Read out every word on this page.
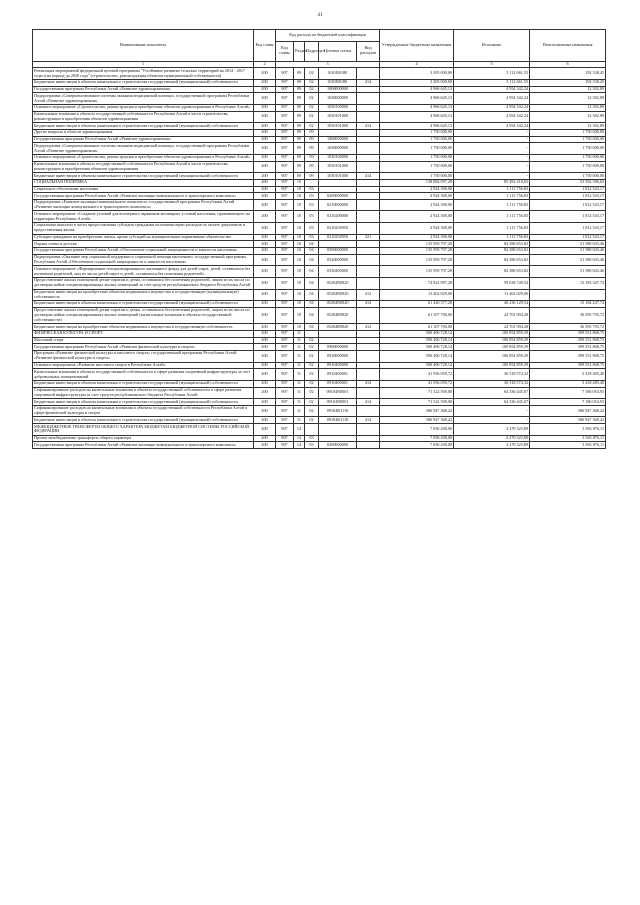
41
Наименование показателя	Код главы	Код расхода по бюджетной классификации					Утвержденные бюджетные назначения	Исполнено	Неисполненные назначения
		Код главы	Раздел	Подраздел	Целевая статья	Вид расходов			
1	2	3					4	5	6
Реализация мероприятий федеральной целевой программы "Устойчивое развитие сельских территорий на 2014 - 2017 годы и на период до 2020 года" (строительство, реконструкция объектов муниципальной собственности)	200	907	09	02	0101R0180		3 305 000,00	3 112 661,55	192 338,45
Бюджетные инвестиции в объекты капитального строительства государственной (муниципальной) собственности	200	907	09	02	0101R0180	414	3 305 000,00	3 112 661,55	192 338,45
Государственная программа Республики Алтай «Развитие здравоохранения»	200	907	09	02	1000000000		4 966 645,13	4 954 342,24	12 302,89
Подпрограмма «Совершенствование системы оказания медицинской помощи» государственной программы Республики Алтай «Развитие здравоохранения»	200	907	09	02	1030000000		4 966 645,13	4 954 342,24	12 302,89
Основное мероприятие «Строительство, реконструкция и приобретение объектов здравоохранения в Республике Алтай»	200	907	09	02	1030100000		4 966 645,13	4 954 342,24	12 302,89
Капитальные вложения в объекты государственной собственности Республики Алтай в части строительства, реконструкции и приобретения объектов здравоохранения	200	907	09	02	1030101000		4 966 645,13	4 954 342,24	12 302,89
Бюджетные инвестиции в объекты капитального строительства государственной (муниципальной) собственности	200	907	09	02	1030101000	414	4 966 645,13	4 954 342,24	12 302,89
Другие вопросы в области здравоохранения	200	907	09	09			1 750 000,00	-	1 750 000,00
Государственная программа Республики Алтай «Развитие здравоохранения»	200	907	09	09	1000000000		1 750 000,00	-	1 750 000,00
Подпрограмма «Совершенствование системы оказания медицинской помощи» государственной программы Республики Алтай «Развитие здравоохранения»	200	907	09	09	1030000000		1 750 000,00	-	1 750 000,00
Основное мероприятие «Строительство, реконструкция и приобретение объектов здравоохранения в Республике Алтай»	200	907	09	09	1030100000		1 750 000,00	-	1 750 000,00
Капитальные вложения в объекты государственной собственности Республики Алтай в части строительства, реконструкции и приобретения объектов здравоохранения	200	907	09	09	1030101000		1 750 000,00	-	1 750 000,00
Бюджетные инвестиции в объекты капитального строительства государственной (муниципальной) собственности	200	907	09	09	1030101000	414	1 750 000,00	-	1 750 000,00
СОЦИАЛЬНАЯ ПОЛИТИКА	200	907	10				138 884 097,28	85 492 410,65	53 392 586,63
Социальное обеспечение населения	200	907	10	03			2 924 300,00	1 111 756,83	1 812 543,17
Государственная программа Республики Алтай «Развитие жилищно-коммунального и транспортного комплекса»	200	907	10	03	0200000000		2 924 300,00	1 111 756,83	1 812 543,17
Подпрограмма «Развитие жилищно-коммунального комплекса» государственной программы Республики Алтай «Развитие жилищно-коммунального и транспортного комплекса»	200	907	10	03	0210000000		2 924 300,00	1 111 756,83	1 812 543,17
Основное мероприятие «Создание условий для всемерного заряжения жилищных условий населения, проживающего на территории Республики Алтай»	200	907	10	03	0210200000		2 924 300,00	1 111 756,83	1 812 543,17
Социальные выплаты в части предоставления субсидии гражданам на компенсацию расходов по оплате документов и предоставления жилья	200	907	10	03	0210250950		2 924 300,00	1 111 756,83	1 812 543,17
Субсидии гражданам на приобретение жилья, кроме субсидий на муниципальные нормативные обязательства	200	907	10	03	0210250950	321	2 924 300,00	1 111 756,83	1 812 543,17
Охрана семьи и детства	200	907	10	04			135 959 797,28	84 380 653,82	51 580 043,46
Государственная программа Республики Алтай «Обеспечение социальной защищенности и занятости населения»	200	907	10	04	0500000000		135 959 797,28	84 380 653,82	51 580 043,46
Подпрограмма «Оказание мер социальной поддержки и социальной помощи населению» государственной программы Республики Алтай «Обеспечение социальной защищенности и занятости населения»	200	907	10	04	0520000000		135 959 797,28	84 380 653,82	51 580 043,46
Основное мероприятие «Формирование специализированного жилищного фонда для детей-сирот, детей, оставшихся без попечения родителей, лиц из числа детей-сирот и детей, оставшихся без попечения родителей»	200	907	10	04	0520400000		135 959 797,28	84 380 653,82	51 580 043,46
Предоставление жилых помещений детям-сиротам и детям, оставшимся без попечения родителей, лицам из их числа по договорам найма специализированных жилых помещений за счет средств республиканского бюджета Республики Алтай	200	907	10	04	05204N0820		74 822 097,28	59 638 749,54	15 183 347,74
Бюджетные инвестиции на приобретение объектов недвижимого имущества в государственную (муниципальную) собственность	200	907	10	04	05204N0820	412	13 402 029,00	13 402 029,00	-
Бюджетные инвестиции в объекты капитального строительства государственной (муниципальной) собственности	200	907	10	04	05204N0820	414	61 420 377,28	46 236 129,54	15 184 247,74
Предоставление жилых помещений детям-сиротам и детям, оставшимся без попечения родителей, лицам из их числа по договорам найма специализированных жилых помещений (капитальные вложения в объекты государственной собственности)	200	907	10	04	05204R0820		61 107 700,00	24 701 904,28	36 395 795,72
Бюджетные инвестиции на приобретение объектов недвижимого имущества в государственную собственность	200	907	10	04	05204R0820	412	61 107 700,00	24 701 904,28	36 395 795,72
ФИЗИЧЕСКАЯ КУЛЬТУРА И СПОРТ	200	907	11				500 406 728,14	100 854 859,39	399 551 868,75
Массовый спорт	200	907	11	02			500 406 728,14	100 854 859,39	399 551 868,75
Государственная программа Республики Алтай «Развитие физической культуры и спорта»	200	907	11	02	0900000000		500 406 728,14	100 854 859,39	399 551 868,75
Программа «Развитие физической культуры и массового спорта» государственной программы Республики Алтай «Развитие физической культуры и спорта»	200	907	11	02	0910000000		500 406 728,14	100 854 859,39	399 551 868,75
Основное мероприятие «Развитие массового спорта в Республике Алтай»	200	907	11	02	0910400000		500 406 728,14	100 854 859,39	399 551 868,75
Капитальные вложения в объекты государственной собственности в сфере развития спортивной инфраструктуры за счет добровольных пожертвований	200	907	11	02	0910400001		41 936 059,72	36 518 574,32	5 418 485,40
Бюджетные инвестиции в объекты капитального строительства государственной (муниципальной) собственности	200	907	11	02	0910400001	414	41 936 059,72	36 518 574,32	5 418 485,40
Софинансирование расходов на капитальные вложения в объекты государственной собственности в сфере развития спортивной инфраструктуры за счет средств республиканского бюджета Республики Алтай	200	907	11	02	09104N0001		71 522 500,00	64 336 445,07	7 186 054,93
Бюджетные инвестиции в объекты капитального строительства государственной (муниципальной) собственности	200	907	11	02	09104N0001	414	71 522 500,00	64 336 445,07	7 186 054,93
Софинансирование расходов на капитальные вложения в объекты государственной собственности Республики Алтай в сфере физической культуры и спорта	200	907	11	02	09104R1110		386 947 368,42	-	386 947 368,42
Бюджетные инвестиции в объекты капитального строительства государственной (муниципальной) собственности	200	907	11	02	09104R1110	414	386 947 368,42	-	386 947 368,42
МЕЖБЮДЖЕТНЫЕ ТРАНСФЕРТЫ ОБЩЕГО ХАРАКТЕРА БЮДЖЕТАМ БЮДЖЕТНОЙ СИСТЕМЫ РОССИЙСКОЙ ФЕДЕРАЦИИ	200	907	14				7 836 200,00	4 270 323,89	3 565 876,11
Прочие межбюджетные трансферты общего характера	200	907	14	03			7 836 200,00	4 270 323,89	3 565 876,11
Государственная программа Республики Алтай «Развитие жилищно-коммунального и транспортного комплекса»	200	907	14	03	0200000000		7 836 200,00	4 270 323,89	3 565 876,11
